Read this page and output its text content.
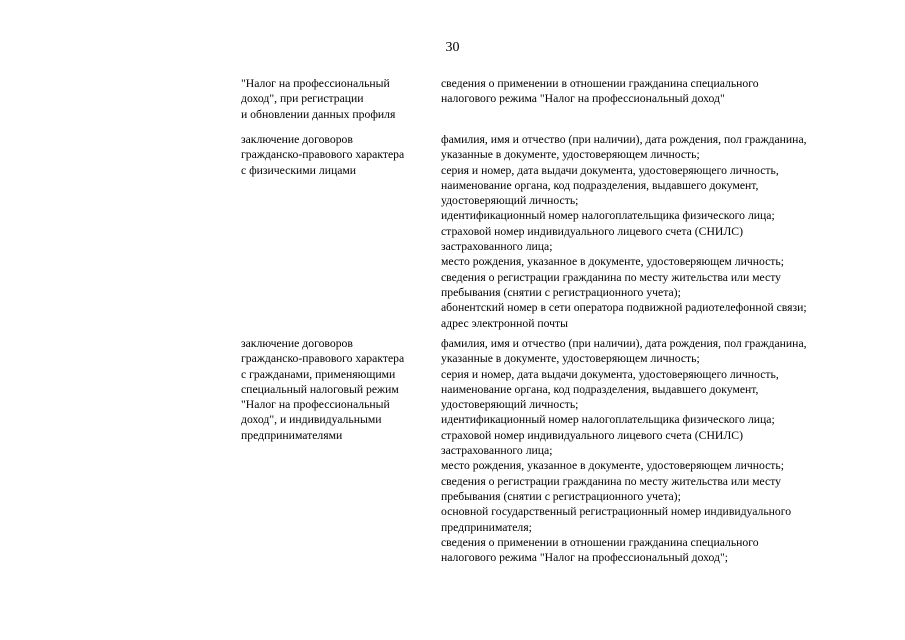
30
"Налог на профессиональный
доход", при регистрации
и обновлении данных профиля
сведения о применении в отношении гражданина специального
налогового режима "Налог на профессиональный доход"
заключение договоров
гражданско-правового характера
с физическими лицами
фамилия, имя и отчество (при наличии), дата рождения, пол гражданина,
указанные в документе, удостоверяющем личность;
серия и номер, дата выдачи документа, удостоверяющего личность,
наименование органа, код подразделения, выдавшего документ,
удостоверяющий личность;
идентификационный номер налогоплательщика физического лица;
страховой номер индивидуального лицевого счета (СНИЛС)
застрахованного лица;
место рождения, указанное в документе, удостоверяющем личность;
сведения о регистрации гражданина по месту жительства или месту
пребывания (снятии с регистрационного учета);
абонентский номер в сети оператора подвижной радиотелефонной связи;
адрес электронной почты
заключение договоров
гражданско-правового характера
с гражданами, применяющими
специальный налоговый режим
"Налог на профессиональный
доход", и индивидуальными
предпринимателями
фамилия, имя и отчество (при наличии), дата рождения, пол гражданина,
указанные в документе, удостоверяющем личность;
серия и номер, дата выдачи документа, удостоверяющего личность,
наименование органа, код подразделения, выдавшего документ,
удостоверяющий личность;
идентификационный номер налогоплательщика физического лица;
страховой номер индивидуального лицевого счета (СНИЛС)
застрахованного лица;
место рождения, указанное в документе, удостоверяющем личность;
сведения о регистрации гражданина по месту жительства или месту
пребывания (снятии с регистрационного учета);
основной государственный регистрационный номер индивидуального
предпринимателя;
сведения о применении в отношении гражданина специального
налогового режима "Налог на профессиональный доход";
